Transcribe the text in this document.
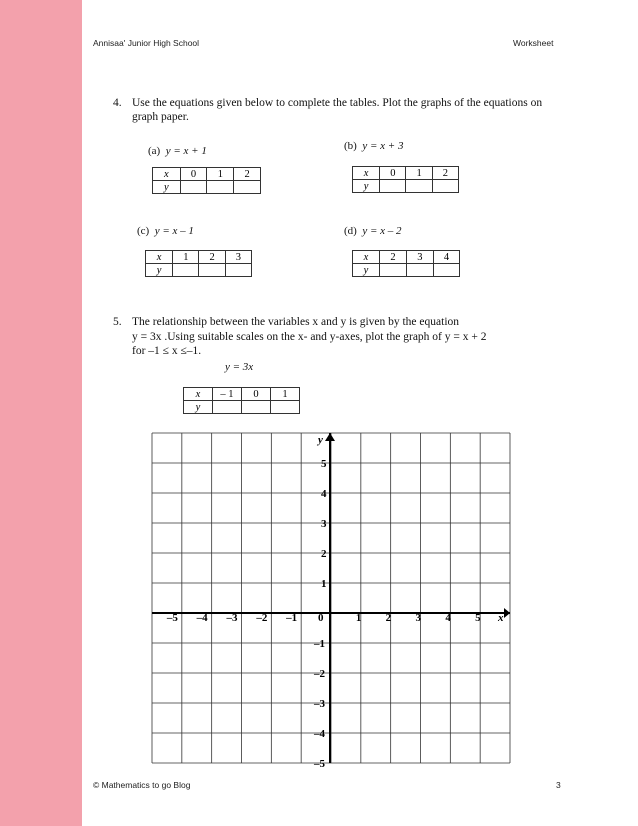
Annisaa' Junior High School	Worksheet
4. Use the equations given below to complete the tables. Plot the graphs of the equations on
graph paper.
(a) y = x + 1
x	0	1	2
y			
(b) y = x + 3
x	0	1	2
y			
(c) y = x – 1
x	1	2	3
y			
(d) y = x – 2
x	2	3	4
y			
5. The relationship between the variables x and y is given by the equation
y = 3x .Using suitable scales on the x- and y-axes, plot the graph of y = x + 2
for –1 ≤ x ≤–1.
y = 3x
x	– 1	0	1
y			
–5 –4 –3 –2 –1	1 2 3 4 5
5
4
3
2
1
–1
–2
–3
–4
–5
0	x
y
© Mathematics to go Blog	3
